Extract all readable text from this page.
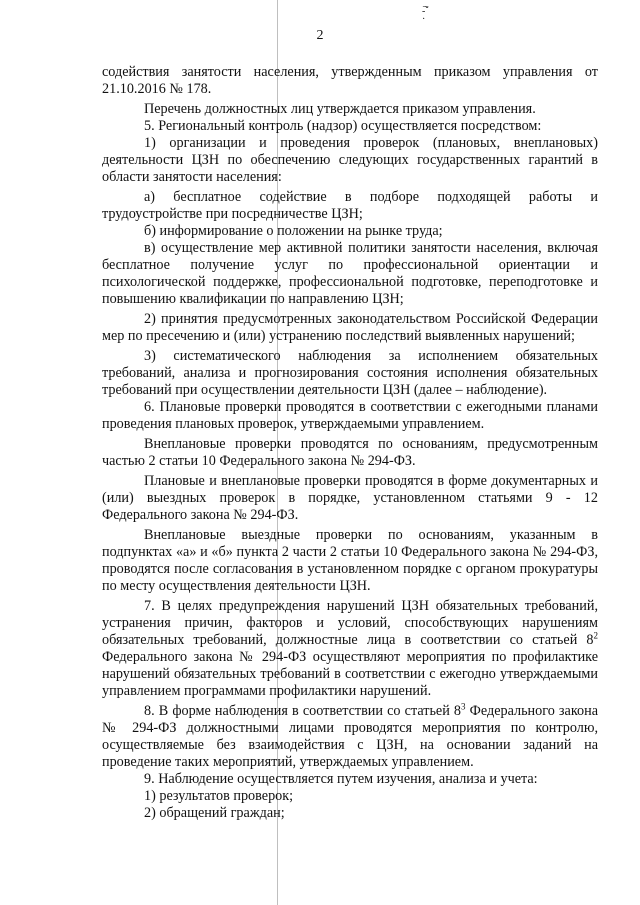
-̅ˇ
·
2

содействия занятости населения, утвержденным приказом управления от 21.10.2016 № 178.

Перечень должностных лиц утверждается приказом управления.

5. Региональный контроль (надзор) осуществляется посредством:

1) организации и проведения проверок (плановых, внеплановых) деятельности ЦЗН по обеспечению следующих государственных гарантий в области занятости населения:

а) бесплатное содействие в подборе подходящей работы и трудоустройстве при посредничестве ЦЗН;

б) информирование о положении на рынке труда;

в) осуществление мер активной политики занятости населения, включая бесплатное получение услуг по профессиональной ориентации и психологической поддержке, профессиональной подготовке, переподготовке и повышению квалификации по направлению ЦЗН;

2) принятия предусмотренных законодательством Российской Федерации мер по пресечению и (или) устранению последствий выявленных нарушений;

3) систематического наблюдения за исполнением обязательных требований, анализа и прогнозирования состояния исполнения обязательных требований при осуществлении деятельности ЦЗН (далее – наблюдение).

6. Плановые проверки проводятся в соответствии с ежегодными планами проведения плановых проверок, утверждаемыми управлением.

Внеплановые проверки проводятся по основаниям, предусмотренным частью 2 статьи 10 Федерального закона № 294-ФЗ.

Плановые и внеплановые проверки проводятся в форме документарных и (или) выездных проверок в порядке, установленном статьями 9 - 12 Федерального закона № 294-ФЗ.

Внеплановые выездные проверки по основаниям, указанным в подпунктах «а» и «б» пункта 2 части 2 статьи 10 Федерального закона № 294-ФЗ, проводятся после согласования в установленном порядке с органом прокуратуры по месту осуществления деятельности ЦЗН.

7. В целях предупреждения нарушений ЦЗН обязательных требований, устранения причин, факторов и условий, способствующих нарушениям обязательных требований, должностные лица в соответствии со статьей $8^2$ Федерального закона № 294-ФЗ осуществляют мероприятия по профилактике нарушений обязательных требований в соответствии с ежегодно утверждаемыми управлением программами профилактики нарушений.

8. В форме наблюдения в соответствии со статьей $8^3$ Федерального закона № 294-ФЗ должностными лицами проводятся мероприятия по контролю, осуществляемые без взаимодействия с ЦЗН, на основании заданий на проведение таких мероприятий, утверждаемых управлением.

9. Наблюдение осуществляется путем изучения, анализа и учета:

1) результатов проверок;

2) обращений граждан;
